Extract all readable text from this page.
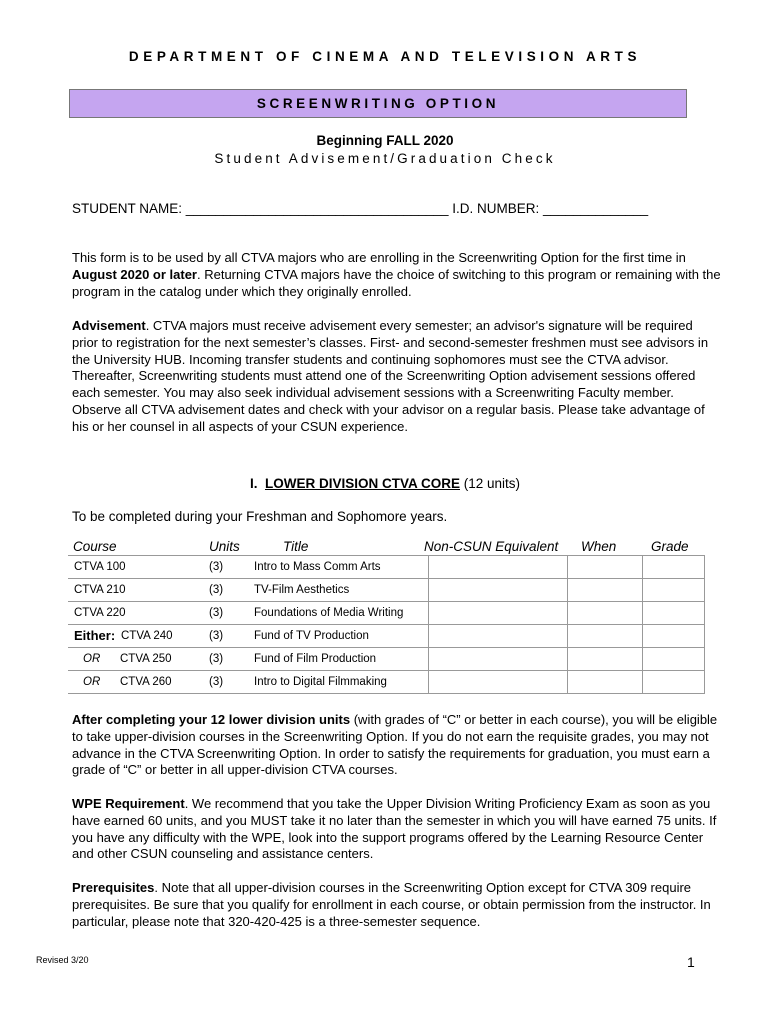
DEPARTMENT OF CINEMA AND TELEVISION ARTS
SCREENWRITING OPTION
Beginning FALL 2020
Student Advisement/Graduation Check
STUDENT NAME: ___________________________________ I.D. NUMBER: ______________
This form is to be used by all CTVA majors who are enrolling in the Screenwriting Option for the first time in August 2020 or later. Returning CTVA majors have the choice of switching to this program or remaining with the program in the catalog under which they originally enrolled.
Advisement. CTVA majors must receive advisement every semester; an advisor's signature will be required prior to registration for the next semester’s classes. First- and second-semester freshmen must see advisors in the University HUB. Incoming transfer students and continuing sophomores must see the CTVA advisor. Thereafter, Screenwriting students must attend one of the Screenwriting Option advisement sessions offered each semester. You may also seek individual advisement sessions with a Screenwriting Faculty member. Observe all CTVA advisement dates and check with your advisor on a regular basis. Please take advantage of his or her counsel in all aspects of your CSUN experience.
I. LOWER DIVISION CTVA CORE (12 units)
To be completed during your Freshman and Sophomore years.
Course	Units	Title	Non-CSUN Equivalent When	Grade
CTVA 100	(3)	Intro to Mass Comm Arts
CTVA 210	(3)	TV-Film Aesthetics
CTVA 220	(3)	Foundations of Media Writing
Either: CTVA 240	(3)	Fund of TV Production
OR CTVA 250	(3)	Fund of Film Production
OR CTVA 260	(3)	Intro to Digital Filmmaking
After completing your 12 lower division units (with grades of “C” or better in each course), you will be eligible to take upper-division courses in the Screenwriting Option. If you do not earn the requisite grades, you may not advance in the CTVA Screenwriting Option. In order to satisfy the requirements for graduation, you must earn a grade of “C” or better in all upper-division CTVA courses.
WPE Requirement. We recommend that you take the Upper Division Writing Proficiency Exam as soon as you have earned 60 units, and you MUST take it no later than the semester in which you will have earned 75 units. If you have any difficulty with the WPE, look into the support programs offered by the Learning Resource Center and other CSUN counseling and assistance centers.
Prerequisites. Note that all upper-division courses in the Screenwriting Option except for CTVA 309 require prerequisites. Be sure that you qualify for enrollment in each course, or obtain permission from the instructor. In particular, please note that 320-420-425 is a three-semester sequence.
Revised 3/20	1
